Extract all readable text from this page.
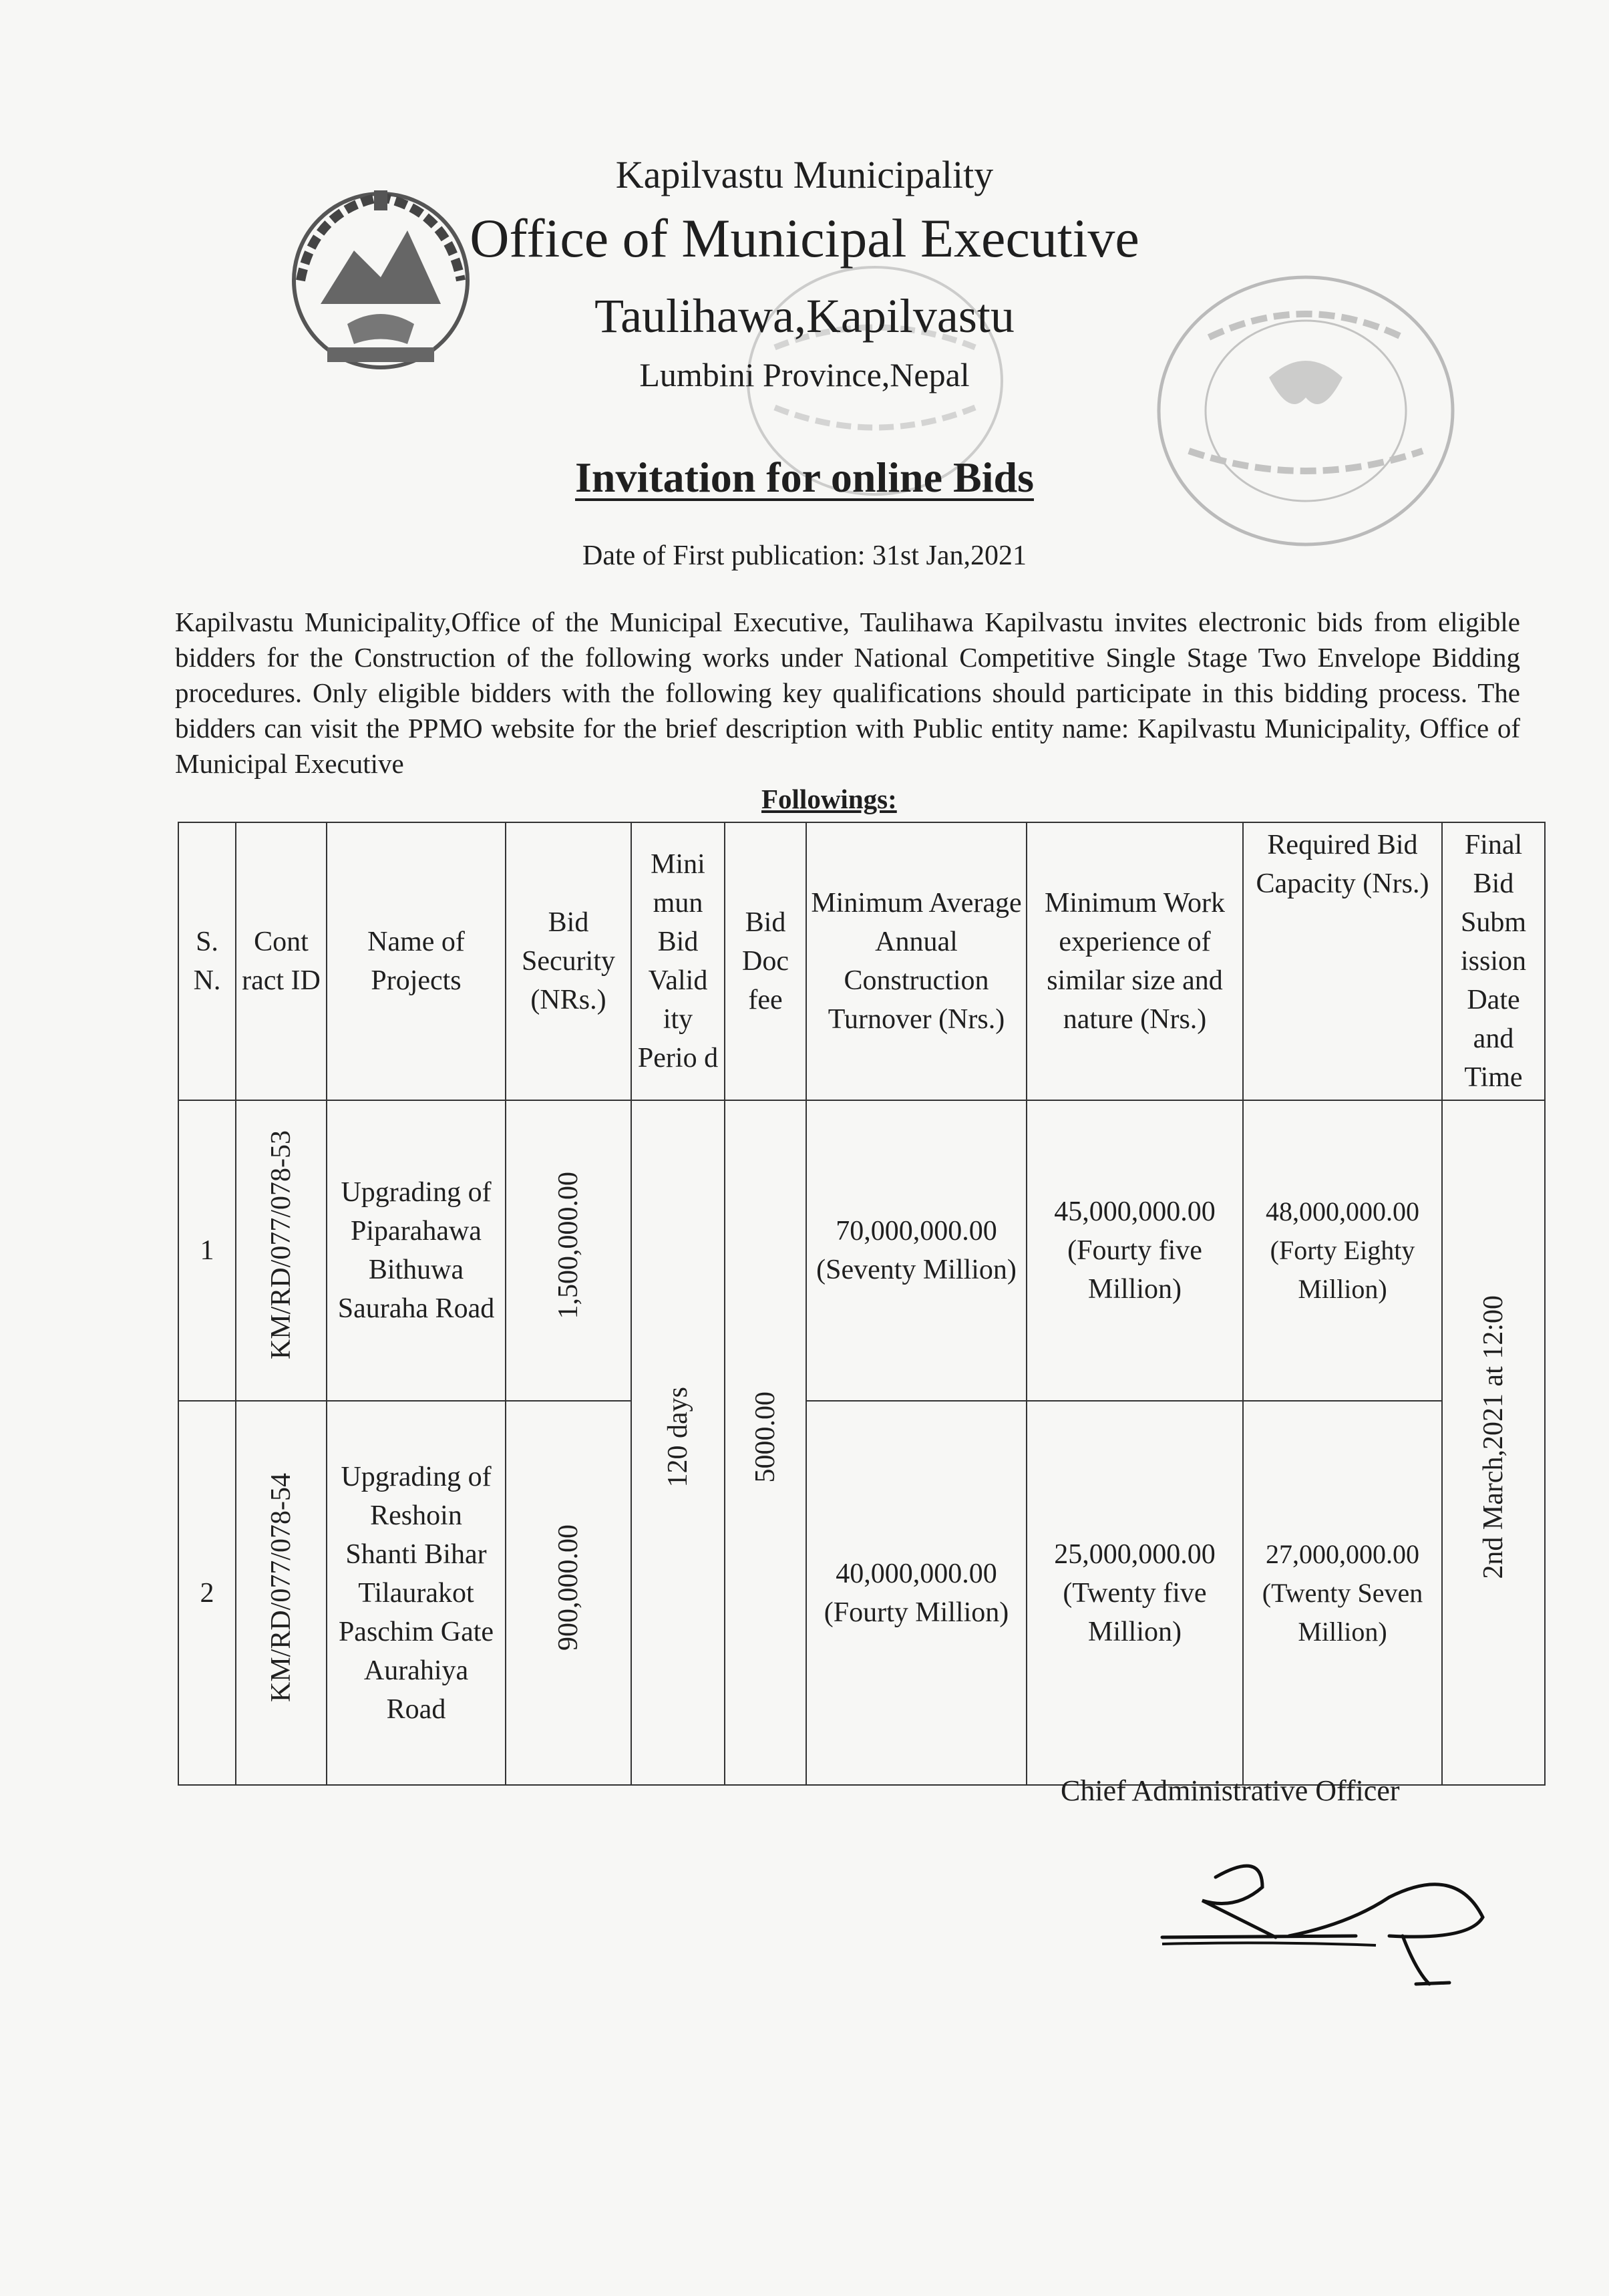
Kapilvastu Municipality

Office of Municipal Executive

Taulihawa,Kapilvastu

Lumbini Province,Nepal

Invitation for online Bids

Date of First publication: 31st Jan,2021

Kapilvastu Municipality,Office of the Municipal Executive, Taulihawa Kapilvastu invites electronic bids from eligible bidders for the Construction of the following works under National Competitive Single Stage Two Envelope Bidding procedures. Only eligible bidders with the following key qualifications should participate in this bidding process. The bidders can visit the PPMO website for the brief description with Public entity name: Kapilvastu Municipality, Office of Municipal Executive

Followings:

S. N.	Cont ract ID	Name of Projects	Bid Security (NRs.)	Mini mun Bid Valid ity Perio d	Bid Doc fee	Minimum Average Annual Construction Turnover (Nrs.)	Minimum Work experience of similar size and nature (Nrs.)	Required Bid Capacity (Nrs.)	Final Bid Subm ission Date and Time
1	KM/RD/077/078-53	Upgrading of Piparahawa Bithuwa Sauraha Road	1,500,000.00	120 days	5000.00	70,000,000.00 (Seventy Million)	45,000,000.00 (Fourty five Million)	48,000,000.00 (Forty Eighty Million)	2nd March,2021 at 12:00
2	KM/RD/077/078-54	Upgrading of Reshoin Shanti Bihar Tilaurakot Paschim Gate Aurahiya Road	900,000.00			40,000,000.00 (Fourty Million)	25,000,000.00 (Twenty five Million)	27,000,000.00 (Twenty Seven Million)	

Chief Administrative Officer
